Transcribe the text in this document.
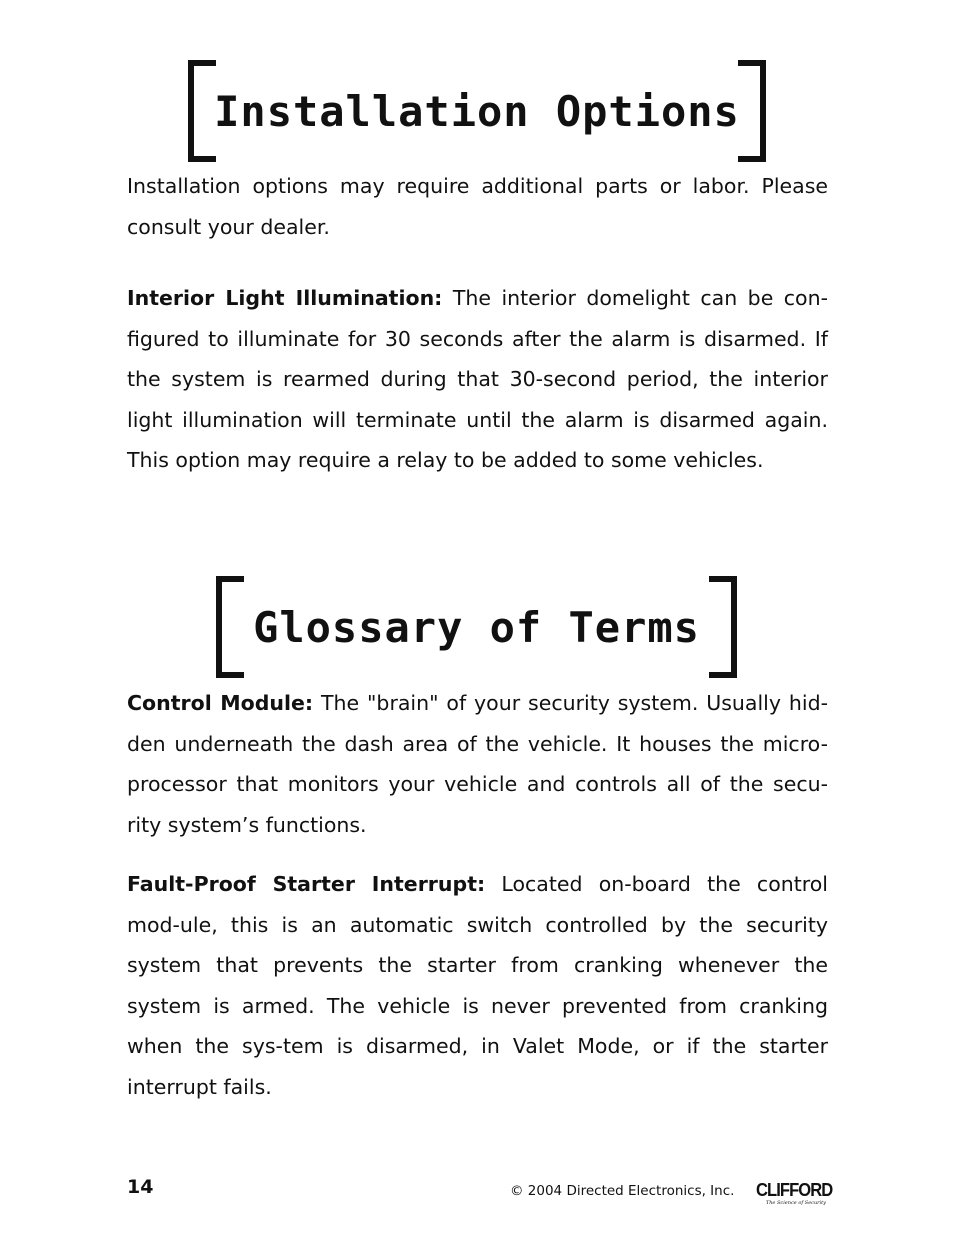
Installation Options

Installation options may require additional parts or labor. Please consult your dealer.

Interior Light Illumination: The interior domelight can be con-figured to illuminate for 30 seconds after the alarm is disarmed. If the system is rearmed during that 30-second period, the interior light illumination will terminate until the alarm is disarmed again. This option may require a relay to be added to some vehicles.

Glossary of Terms

Control Module: The "brain" of your security system. Usually hid-den underneath the dash area of the vehicle. It houses the micro-processor that monitors your vehicle and controls all of the secu-rity system’s functions.

Fault-Proof Starter Interrupt: Located on-board the control mod-ule, this is an automatic switch controlled by the security system that prevents the starter from cranking whenever the system is armed. The vehicle is never prevented from cranking when the sys-tem is disarmed, in Valet Mode, or if the starter interrupt fails.

14	© 2004 Directed Electronics, Inc. CLIFFORD
The Science of Security
